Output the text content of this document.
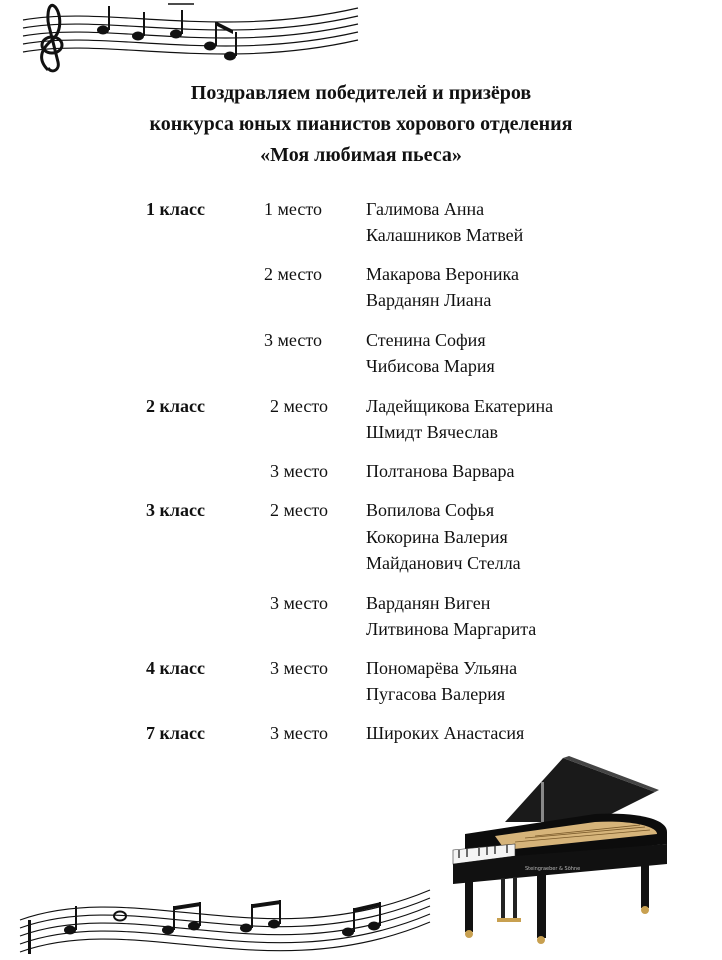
Поздравляем победителей и призёров
конкурса юных пианистов хорового отделения
«Моя любимая пьеса»
1 класс	1 место Галимова Анна
Калашников Матвей
2 место Макарова Вероника
Варданян Лиана
3 место Стенина София
Чибисова Мария
2 класс	2 место Ладейщикова Екатерина
Шмидт Вячеслав
3 место Полтанова Варвара
3 класс	2 место Вопилова Софья
Кокорина Валерия
Майданович Стелла
3 место Варданян Виген
Литвинова Маргарита
4 класс	3 место Пономарёва Ульяна
Пугасова Валерия
7 класс	3 место Широких Анастасия
Steingraeber & Söhne
